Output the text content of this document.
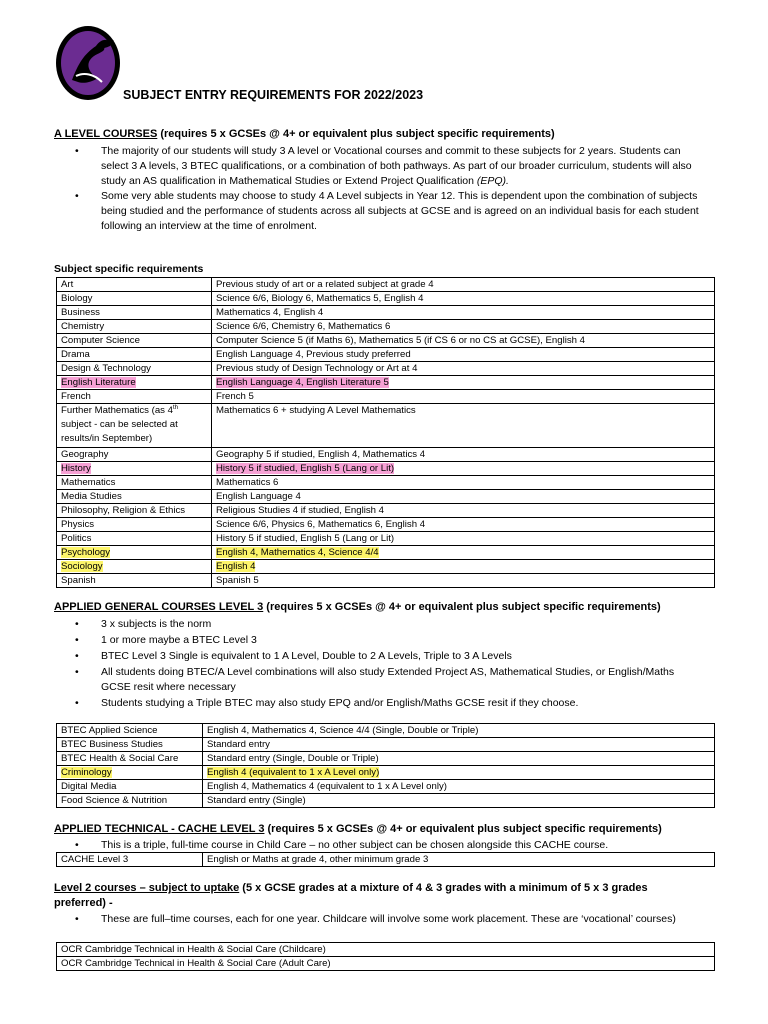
SUBJECT ENTRY REQUIREMENTS FOR 2022/2023
A LEVEL COURSES (requires 5 x GCSEs @ 4+ or equivalent plus subject specific requirements)
• The majority of our students will study 3 A level or Vocational courses and commit to these subjects for 2 years. Students can select 3 A levels, 3 BTEC qualifications, or a combination of both pathways. As part of our broader curriculum, students will also study an AS qualification in Mathematical Studies or Extend Project Qualification (EPQ).
• Some very able students may choose to study 4 A Level subjects in Year 12. This is dependent upon the combination of subjects being studied and the performance of students across all subjects at GCSE and is agreed on an individual basis for each student following an interview at the time of enrolment.
Subject specific requirements
Art	Previous study of art or a related subject at grade 4
Biology	Science 6/6, Biology 6, Mathematics 5, English 4
Business	Mathematics 4, English 4
Chemistry	Science 6/6, Chemistry 6, Mathematics 6
Computer Science	Computer Science 5 (if Maths 6), Mathematics 5 (if CS 6 or no CS at GCSE), English 4
Drama	English Language 4, Previous study preferred
Design & Technology	Previous study of Design Technology or Art at 4
English Literature	English Language 4, English Literature 5
French	French 5
Further Mathematics (as 4th subject - can be selected at results/in September)	Mathematics 6 + studying A Level Mathematics
Geography	Geography 5 if studied, English 4, Mathematics 4
History	History 5 if studied, English 5 (Lang or Lit)
Mathematics	Mathematics 6
Media Studies	English Language 4
Philosophy, Religion & Ethics	Religious Studies 4 if studied, English 4
Physics	Science 6/6, Physics 6, Mathematics 6, English 4
Politics	History 5 if studied, English 5 (Lang or Lit)
Psychology	English 4, Mathematics 4, Science 4/4
Sociology	English 4
Spanish	Spanish 5
APPLIED GENERAL COURSES LEVEL 3 (requires 5 x GCSEs @ 4+ or equivalent plus subject specific requirements)
• 3 x subjects is the norm
• 1 or more maybe a BTEC Level 3
• BTEC Level 3 Single is equivalent to 1 A Level, Double to 2 A Levels, Triple to 3 A Levels
• All students doing BTEC/A Level combinations will also study Extended Project AS, Mathematical Studies, or English/Maths GCSE resit where necessary
• Students studying a Triple BTEC may also study EPQ and/or English/Maths GCSE resit if they choose.
BTEC Applied Science	English 4, Mathematics 4, Science 4/4 (Single, Double or Triple)
BTEC Business Studies	Standard entry
BTEC Health & Social Care	Standard entry (Single, Double or Triple)
Criminology	English 4 (equivalent to 1 x A Level only)
Digital Media	English 4, Mathematics 4 (equivalent to 1 x A Level only)
Food Science & Nutrition	Standard entry (Single)
APPLIED TECHNICAL - CACHE LEVEL 3 (requires 5 x GCSEs @ 4+ or equivalent plus subject specific requirements)
• This is a triple, full-time course in Child Care – no other subject can be chosen alongside this CACHE course.
CACHE Level 3	English or Maths at grade 4, other minimum grade 3
Level 2 courses – subject to uptake (5 x GCSE grades at a mixture of 4 & 3 grades with a minimum of 5 x 3 grades
preferred) -
• These are full–time courses, each for one year. Childcare will involve some work placement. These are ‘vocational’ courses)
OCR Cambridge Technical in Health & Social Care (Childcare)
OCR Cambridge Technical in Health & Social Care (Adult Care)
